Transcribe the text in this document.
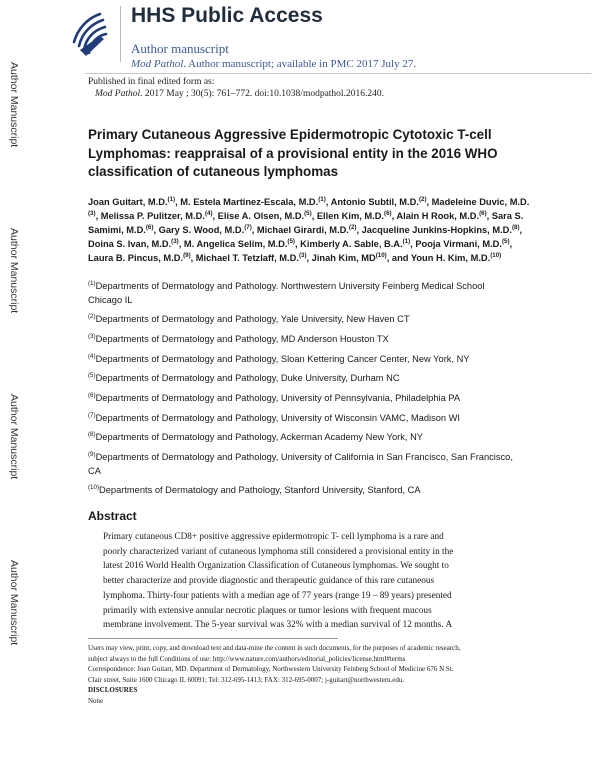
Author Manuscript
Author Manuscript
Author Manuscript
Author Manuscript
HHS Public Access
Author manuscript
Mod Pathol. Author manuscript; available in PMC 2017 July 27.
Published in final edited form as:
Mod Pathol. 2017 May ; 30(5): 761–772. doi:10.1038/modpathol.2016.240.
Primary Cutaneous Aggressive Epidermotropic Cytotoxic T-cell Lymphomas: reappraisal of a provisional entity in the 2016 WHO classification of cutaneous lymphomas
Joan Guitart, M.D.$^{(1)}$, M. Estela Martinez-Escala, M.D.$^{(1)}$, Antonio Subtil, M.D.$^{(2)}$, Madeleine Duvic, M.D.$^{(3)}$, Melissa P. Pulitzer, M.D.$^{(4)}$, Elise A. Olsen, M.D.$^{(5)}$, Ellen Kim, M.D.$^{(6)}$, Alain H Rook, M.D.$^{(6)}$, Sara S. Samimi, M.D.$^{(6)}$, Gary S. Wood, M.D.$^{(7)}$, Michael Girardi, M.D.$^{(2)}$, Jacqueline Junkins-Hopkins, M.D.$^{(8)}$, Doina S. Ivan, M.D.$^{(3)}$, M. Angelica Selim, M.D.$^{(5)}$, Kimberly A. Sable, B.A.$^{(1)}$, Pooja Virmani, M.D.$^{(5)}$, Laura B. Pincus, M.D.$^{(9)}$, Michael T. Tetzlaff, M.D.$^{(3)}$, Jinah Kim, MD$^{(10)}$, and Youn H. Kim, M.D.$^{(10)}$
$^{(1)}$Departments of Dermatology and Pathology. Northwestern University Feinberg Medical School Chicago IL
$^{(2)}$Departments of Dermatology and Pathology, Yale University, New Haven CT
$^{(3)}$Departments of Dermatology and Pathology, MD Anderson Houston TX
$^{(4)}$Departments of Dermatology and Pathology, Sloan Kettering Cancer Center, New York, NY
$^{(5)}$Departments of Dermatology and Pathology, Duke University, Durham NC
$^{(6)}$Departments of Dermatology and Pathology, University of Pennsylvania, Philadelphia PA
$^{(7)}$Departments of Dermatology and Pathology, University of Wisconsin VAMC, Madison WI
$^{(8)}$Departments of Dermatology and Pathology, Ackerman Academy New York, NY
$^{(9)}$Departments of Dermatology and Pathology, University of California in San Francisco, San Francisco, CA
$^{(10)}$Departments of Dermatology and Pathology, Stanford University, Stanford, CA
Abstract
Primary cutaneous CD8+ positive aggressive epidermotropic T- cell lymphoma is a rare and
poorly characterized variant of cutaneous lymphoma still considered a provisional entity in the
latest 2016 World Health Organization Classification of Cutaneous lymphomas. We sought to
better characterize and provide diagnostic and therapeutic guidance of this rare cutaneous
lymphoma. Thirty-four patients with a median age of 77 years (range 19 – 89 years) presented
primarily with extensive annular necrotic plaques or tumor lesions with frequent mucous
membrane involvement. The 5-year survival was 32% with a median survival of 12 months. A
Users may view, print, copy, and download text and data-mine the content in such documents, for the purposes of academic research,
subject always to the full Conditions of use: http://www.nature.com/authors/editorial_policies/license.html#terms
Correspondence: Joan Guitart, MD. Department of Dermatology, Northwestern University Feinberg School of Medicine 676 N St.
Clair street, Suite 1600 Chicago IL 60091; Tel: 312-695-1413; FAX: 312-695-0007; j-guitart@northwestern.edu.
DISCLOSURES
None
